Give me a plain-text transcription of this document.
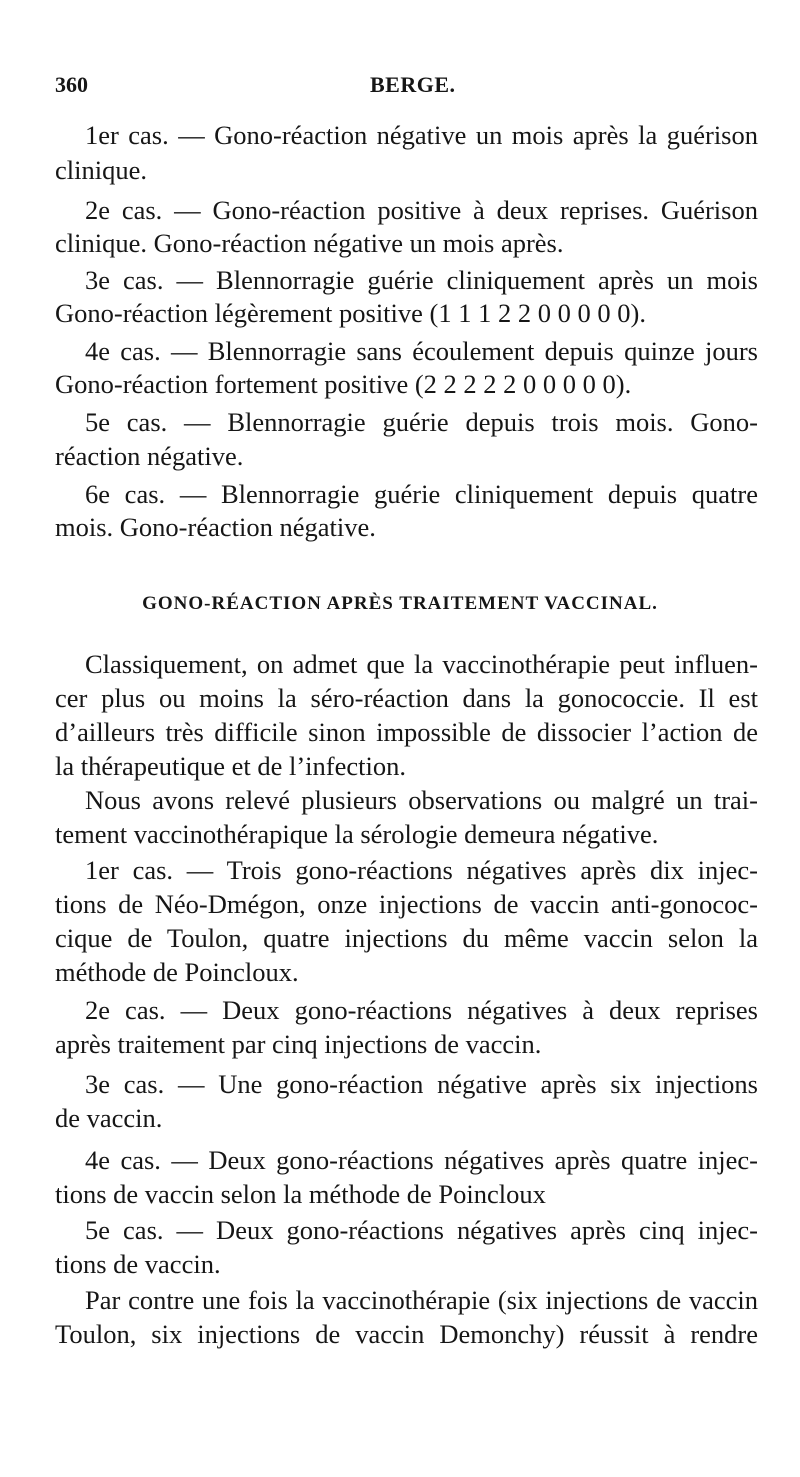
360	BERGE.
1er cas. — Gono-réaction négative un mois après la guérison
clinique.
2e cas. — Gono-réaction positive à deux reprises. Guérison
clinique. Gono-réaction négative un mois après.
3e cas. — Blennorragie guérie cliniquement après un mois
Gono-réaction légèrement positive (1 1 1 2 2 0 0 0 0 0).
4e cas. — Blennorragie sans écoulement depuis quinze jours
Gono-réaction fortement positive (2 2 2 2 2 0 0 0 0 0).
5e cas. — Blennorragie guérie depuis trois mois. Gono-
réaction négative.
6e cas. — Blennorragie guérie cliniquement depuis quatre
mois. Gono-réaction négative.
GONO-RÉACTION APRÈS TRAITEMENT VACCINAL.
Classiquement, on admet que la vaccinothérapie peut influen-
cer plus ou moins la séro-réaction dans la gonococcie. Il est
d’ailleurs très difficile sinon impossible de dissocier l’action de
la thérapeutique et de l’infection.
Nous avons relevé plusieurs observations ou malgré un trai-
tement vaccinothérapique la sérologie demeura négative.
1er cas. — Trois gono-réactions négatives après dix injec-
tions de Néo-Dmégon, onze injections de vaccin anti-gonococ-
cique de Toulon, quatre injections du même vaccin selon la
méthode de Poincloux.
2e cas. — Deux gono-réactions négatives à deux reprises
après traitement par cinq injections de vaccin.
3e cas. — Une gono-réaction négative après six injections
de vaccin.
4e cas. — Deux gono-réactions négatives après quatre injec-
tions de vaccin selon la méthode de Poincloux
5e cas. — Deux gono-réactions négatives après cinq injec-
tions de vaccin.
Par contre une fois la vaccinothérapie (six injections de vaccin
Toulon, six injections de vaccin Demonchy) réussit à rendre
